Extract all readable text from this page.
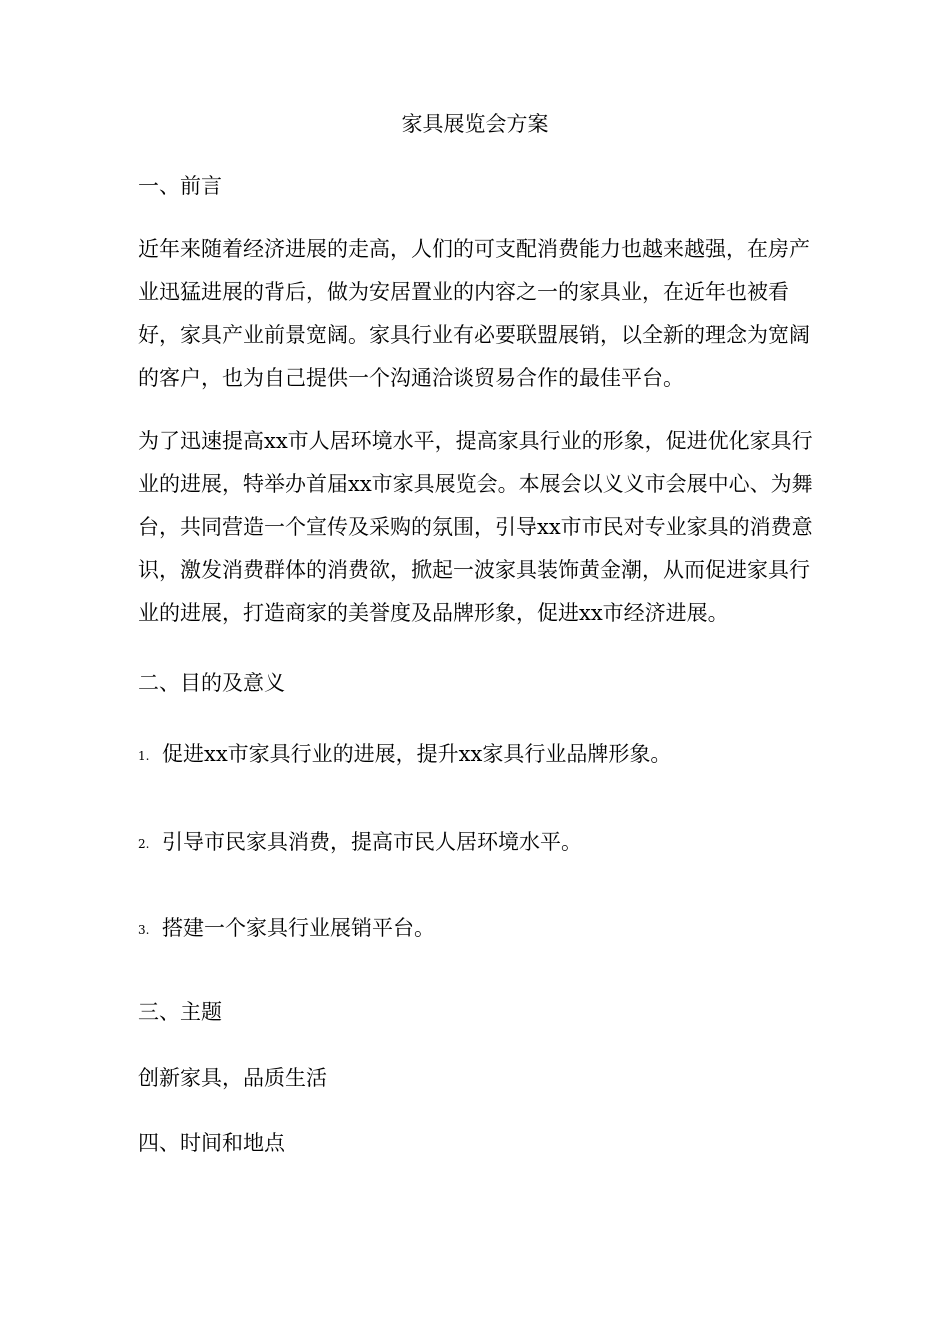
家具展览会方案
一、前言

近年来随着经济进展的走高，人们的可支配消费能力也越来越强，在房产
业迅猛进展的背后，做为安居置业的内容之一的家具业，在近年也被看
好，家具产业前景宽阔。家具行业有必要联盟展销，以全新的理念为宽阔
的客户，也为自己提供一个沟通洽谈贸易合作的最佳平台。

为了迅速提高xx市人居环境水平，提高家具行业的形象，促进优化家具行
业的进展，特举办首届xx市家具展览会。本展会以义义市会展中心、为舞
台，共同营造一个宣传及采购的氛围，引导xx市市民对专业家具的消费意
识，激发消费群体的消费欲，掀起一波家具装饰黄金潮，从而促进家具行
业的进展，打造商家的美誉度及品牌形象，促进xx市经济进展。

二、目的及意义
1. 促进xx市家具行业的进展，提升xx家具行业品牌形象。
2. 引导市民家具消费，提高市民人居环境水平。
3. 搭建一个家具行业展销平台。
三、主题
创新家具，品质生活
四、时间和地点
